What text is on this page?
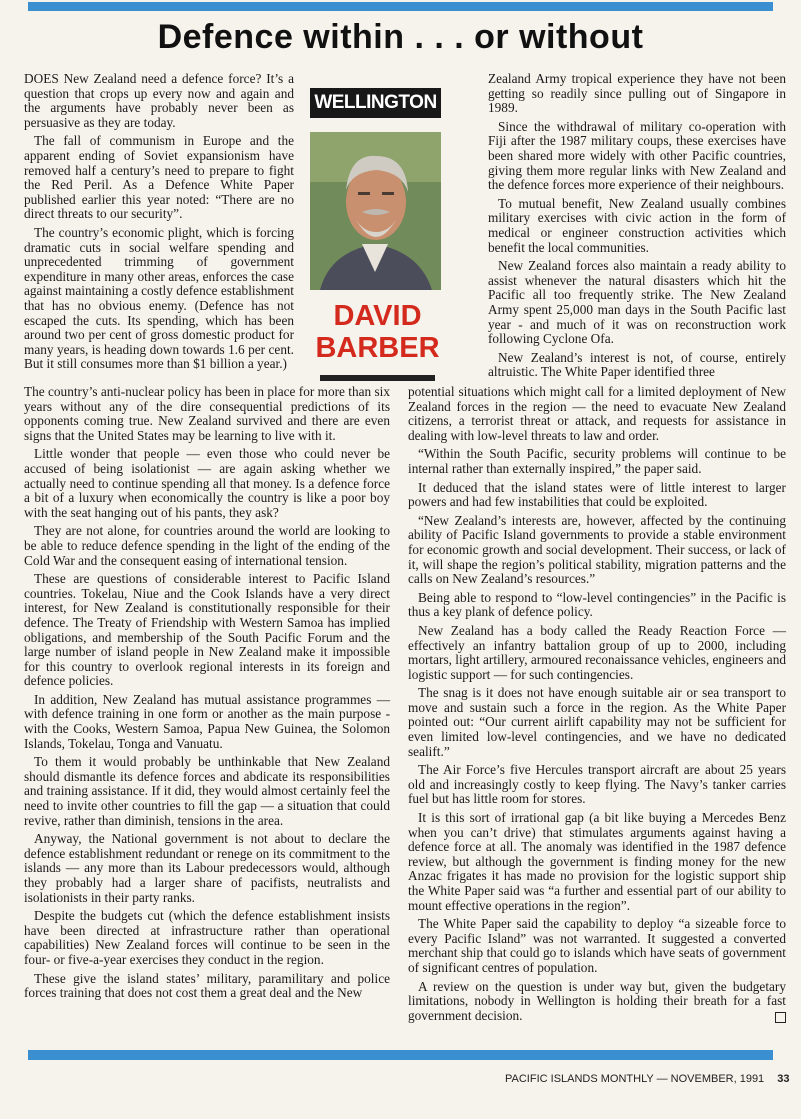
Defence within . . . or without

DOES New Zealand need a defence force? It’s a question that crops up every now and again and the arguments have probably never been as persuasive as they are today.

The fall of communism in Europe and the apparent ending of Soviet expansionism have removed half a century’s need to prepare to fight the Red Peril. As a Defence White Paper published earlier this year noted: “There are no direct threats to our security”.

The country’s economic plight, which is forcing dramatic cuts in social welfare spending and unprecedented trimming of government expenditure in many other areas, enforces the case against maintaining a costly defence establishment that has no obvious enemy. (Defence has not escaped the cuts. Its spending, which has been around two per cent of gross domestic product for many years, is heading down towards 1.6 per cent. But it still consumes more than $1 billion a year.)

WELLINGTON
DAVID
BARBER

The country’s anti-nuclear policy has been in place for more than six years without any of the dire consequential predictions of its opponents coming true. New Zealand survived and there are even signs that the United States may be learning to live with it.

Little wonder that people — even those who could never be accused of being isolationist — are again asking whether we actually need to continue spending all that money. Is a defence force a bit of a luxury when economically the country is like a poor boy with the seat hanging out of his pants, they ask?

They are not alone, for countries around the world are looking to be able to reduce defence spending in the light of the ending of the Cold War and the consequent easing of international tension.

These are questions of considerable interest to Pacific Island countries. Tokelau, Niue and the Cook Islands have a very direct interest, for New Zealand is constitutionally responsible for their defence. The Treaty of Friendship with Western Samoa has implied obligations, and membership of the South Pacific Forum and the large number of island people in New Zealand make it impossible for this country to overlook regional interests in its foreign and defence policies.

In addition, New Zealand has mutual assistance programmes — with defence training in one form or another as the main purpose - with the Cooks, Western Samoa, Papua New Guinea, the Solomon Islands, Tokelau, Tonga and Vanuatu.

To them it would probably be unthinkable that New Zealand should dismantle its defence forces and abdicate its responsibilities and training assistance. If it did, they would almost certainly feel the need to invite other countries to fill the gap — a situation that could revive, rather than diminish, tensions in the area.

Anyway, the National government is not about to declare the defence establishment redundant or renege on its commitment to the islands — any more than its Labour predecessors would, although they probably had a larger share of pacifists, neutralists and isolationists in their party ranks.

Despite the budgets cut (which the defence establishment insists have been directed at infrastructure rather than operational capabilities) New Zealand forces will continue to be seen in the four- or five-a-year exercises they conduct in the region.

These give the island states’ military, paramilitary and police forces training that does not cost them a great deal and the New

Zealand Army tropical experience they have not been getting so readily since pulling out of Singapore in 1989.

Since the withdrawal of military co-operation with Fiji after the 1987 military coups, these exercises have been shared more widely with other Pacific countries, giving them more regular links with New Zealand and the defence forces more experience of their neighbours.

To mutual benefit, New Zealand usually combines military exercises with civic action in the form of medical or engineer construction activities which benefit the local communities.

New Zealand forces also maintain a ready ability to assist whenever the natural disasters which hit the Pacific all too frequently strike. The New Zealand Army spent 25,000 man days in the South Pacific last year - and much of it was on reconstruction work following Cyclone Ofa.

New Zealand’s interest is not, of course, entirely altruistic. The White Paper identified three

potential situations which might call for a limited deployment of New Zealand forces in the region — the need to evacuate New Zealand citizens, a terrorist threat or attack, and requests for assistance in dealing with low-level threats to law and order.

“Within the South Pacific, security problems will continue to be internal rather than externally inspired,” the paper said.

It deduced that the island states were of little interest to larger powers and had few instabilities that could be exploited.

“New Zealand’s interests are, however, affected by the continuing ability of Pacific Island governments to provide a stable environment for economic growth and social development. Their success, or lack of it, will shape the region’s political stability, migration patterns and the calls on New Zealand’s resources.”

Being able to respond to “low-level contingencies” in the Pacific is thus a key plank of defence policy.

New Zealand has a body called the Ready Reaction Force — effectively an infantry battalion group of up to 2000, including mortars, light artillery, armoured reconaissance vehicles, engineers and logistic support — for such contingencies.

The snag is it does not have enough suitable air or sea transport to move and sustain such a force in the region. As the White Paper pointed out: “Our current airlift capability may not be sufficient for even limited low-level contingencies, and we have no dedicated sealift.”

The Air Force’s five Hercules transport aircraft are about 25 years old and increasingly costly to keep flying. The Navy’s tanker carries fuel but has little room for stores.

It is this sort of irrational gap (a bit like buying a Mercedes Benz when you can’t drive) that stimulates arguments against having a defence force at all. The anomaly was identified in the 1987 defence review, but although the government is finding money for the new Anzac frigates it has made no provision for the logistic support ship the White Paper said was “a further and essential part of our ability to mount effective operations in the region”.

The White Paper said the capability to deploy “a sizeable force to every Pacific Island” was not warranted. It suggested a converted merchant ship that could go to islands which have seats of government of significant centres of population.

A review on the question is under way but, given the budgetary limitations, nobody in Wellington is holding their breath for a fast government decision.

PACIFIC ISLANDS MONTHLY — NOVEMBER, 1991 33
